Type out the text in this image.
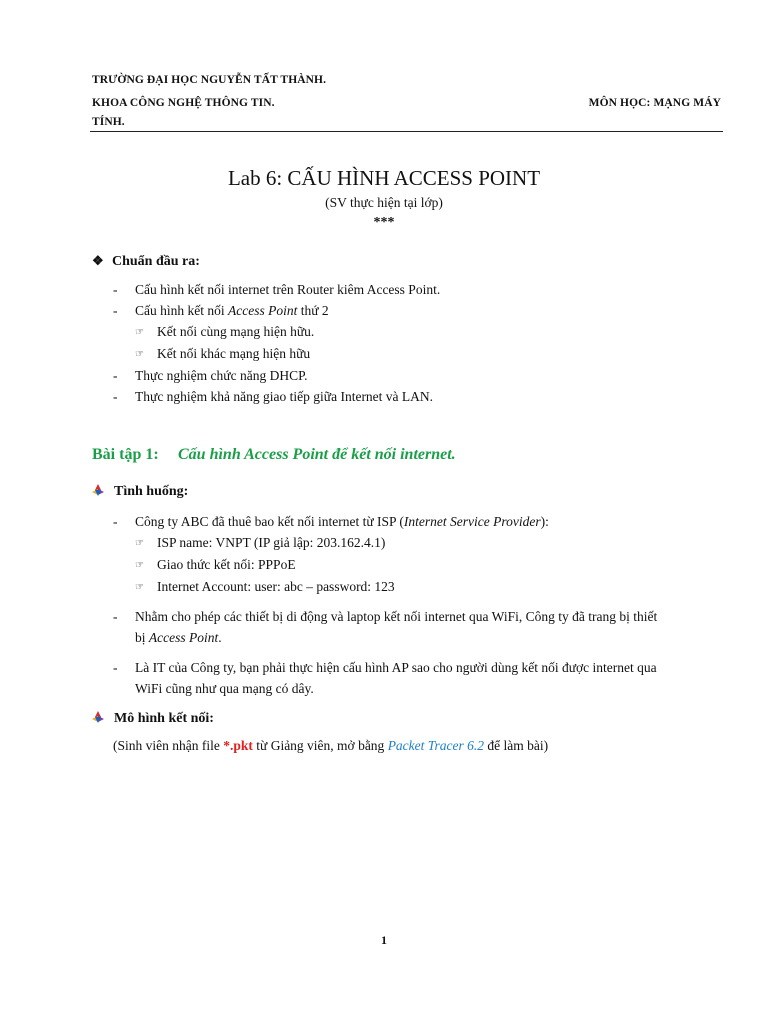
TRƯỜNG ĐẠI HỌC NGUYỄN TẤT THÀNH.
KHOA CÔNG NGHỆ THÔNG TIN.	MÔN HỌC: MẠNG MÁY
TÍNH.
Lab 6: CẤU HÌNH ACCESS POINT
(SV thực hiện tại lớp)
***
❖ Chuẩn đầu ra:
- Cấu hình kết nối internet trên Router kiêm Access Point.
- Cấu hình kết nối Access Point thứ 2
☞ Kết nối cùng mạng hiện hữu.
☞ Kết nối khác mạng hiện hữu
- Thực nghiệm chức năng DHCP.
- Thực nghiệm khả năng giao tiếp giữa Internet và LAN.
Bài tập 1: Cấu hình Access Point để kết nối internet.
Tình huống:
- Công ty ABC đã thuê bao kết nối internet từ ISP (Internet Service Provider):
☞ ISP name: VNPT (IP giả lập: 203.162.4.1)
☞ Giao thức kết nối: PPPoE
☞ Internet Account: user: abc – password: 123
- Nhằm cho phép các thiết bị di động và laptop kết nối internet qua WiFi, Công ty đã trang bị thiết
bị Access Point.
- Là IT của Công ty, bạn phải thực hiện cấu hình AP sao cho người dùng kết nối được internet qua
WiFi cũng như qua mạng có dây.
Mô hình kết nối:
(Sinh viên nhận file *.pkt từ Giảng viên, mở bằng Packet Tracer 6.2 để làm bài)
1
